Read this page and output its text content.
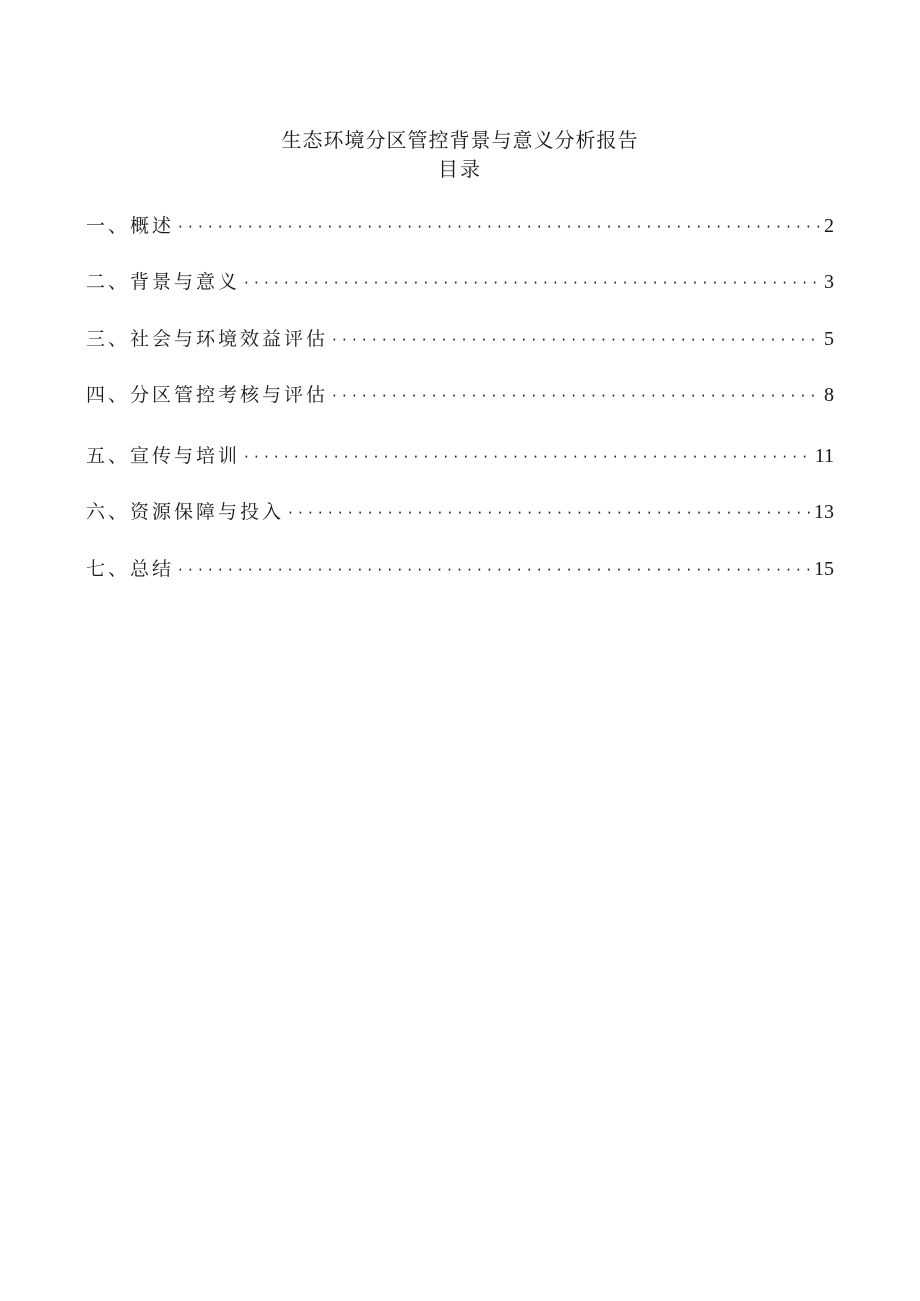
生态环境分区管控背景与意义分析报告
目录
一、概述 ·····	2
二、背景与意义 ·····	3
三、社会与环境效益评估 ·····	5
四、分区管控考核与评估 ·····	8
五、宣传与培训 ·····	11
六、资源保障与投入 ·····	13
七、总结 ·····	15
